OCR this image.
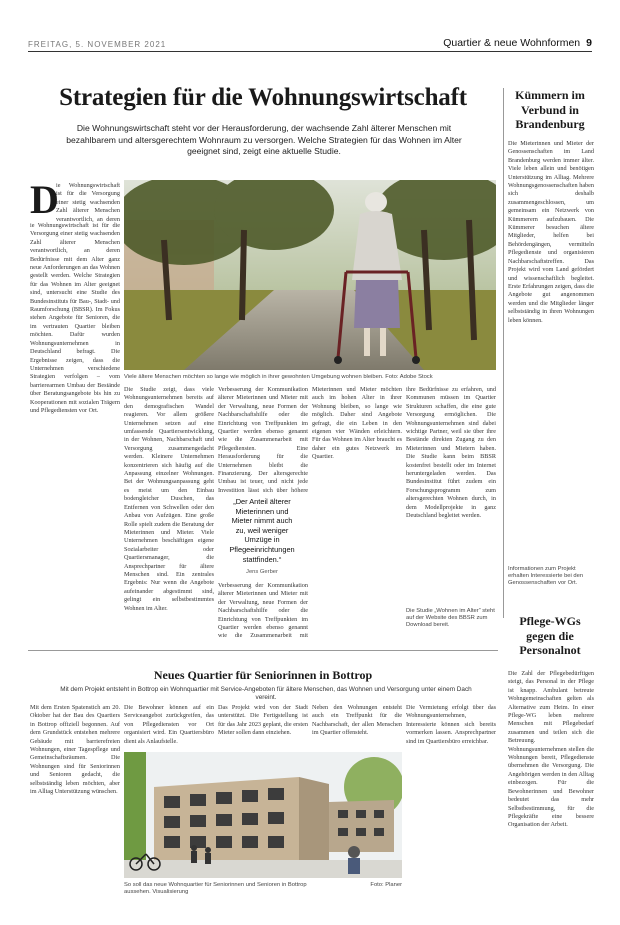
FREITAG, 5. NOVEMBER 2021	Quartier & neue Wohnformen 9
Strategien für die Wohnungswirtschaft

Die Wohnungswirtschaft steht vor der Herausforderung, der wachsende Zahl älterer Menschen mit bezahlbarem und altersgerechtem Wohnraum zu versorgen. Welche Strategien für das Wohnen im Alter geeignet sind, zeigt eine aktuelle Studie.

D
ie Wohnungswirtschaft ist für die Versorgung einer stetig wachsenden Zahl älterer Menschen verantwortlich, an deren
ie Wohnungswirtschaft ist für die Versorgung einer stetig wachsenden Zahl älterer Menschen verantwortlich, an deren Bedürfnisse mit dem Alter ganz neue Anforderungen an das Wohnen gestellt werden. Welche Strategien für das Wohnen im Alter geeignet sind, untersucht eine Studie des Bundesinstituts für Bau-, Stadt- und Raumforschung (BBSR). Im Fokus stehen Angebote für Senioren, die im vertrauten Quartier bleiben möchten. Dafür wurden Wohnungsunternehmen in Deutschland befragt. Die Ergebnisse zeigen, dass die Unternehmen verschiedene Strategien verfolgen – vom barrierearmen Umbau der Bestände über Beratungsangebote bis hin zu Kooperationen mit sozialen Trägern und Pflegediensten vor Ort.

Viele ältere Menschen möchten so lange wie möglich in ihrer gewohnten Umgebung wohnen bleiben. Foto: Adobe Stock

Die Studie zeigt, dass viele Wohnungsunternehmen bereits auf den demografischen Wandel reagieren. Vor allem größere Unternehmen setzen auf eine umfassende Quartiersentwicklung, in der Wohnen, Nachbarschaft und Versorgung zusammengedacht werden. Kleinere Unternehmen konzentrieren sich häufig auf die Anpassung einzelner Wohnungen. Bei der Wohnungsanpassung geht es meist um den Einbau bodengleicher Duschen, das Entfernen von Schwellen oder den Anbau von Aufzügen. Eine große Rolle spielt zudem die Beratung der Mieterinnen und Mieter. Viele Unternehmen beschäftigen eigene Sozialarbeiter oder Quartiersmanager, die Ansprechpartner für ältere Menschen sind. Ein zentrales Ergebnis: Nur wenn die Angebote aufeinander abgestimmt sind, gelingt ein selbstbestimmtes Wohnen im Alter.
Verbesserung der Kommunikation älterer Mieterinnen und Mieter mit der Verwaltung, neue Formen der Nachbarschaftshilfe oder die Einrichtung von Treffpunkten im Quartier werden ebenso genannt wie die Zusammenarbeit mit Pflegediensten. Eine Herausforderung für die Unternehmen bleibt die Finanzierung. Der altersgerechte Umbau ist teuer, und nicht jede Investition lässt sich über höhere
„Der Anteil älterer Mieterinnen und Mieter nimmt auch zu, weil weniger Umzüge in Pflegeeinrichtungen stattfinden.“
Jens Gerber
Verbesserung der Kommunikation älterer Mieterinnen und Mieter mit der Verwaltung, neue Formen der Nachbarschaftshilfe oder die Einrichtung von Treffpunkten im Quartier werden ebenso genannt wie die Zusammenarbeit mit
Mieterinnen und Mieter möchten auch im hohen Alter in ihrer Wohnung bleiben, so lange wie möglich. Daher sind Angebote gefragt, die ein Leben in den eigenen vier Wänden erleichtern. Für das Wohnen im Alter braucht es daher ein gutes Netzwerk im Quartier.
ihre Bedürfnisse zu erfahren, und Kommunen müssen im Quartier Strukturen schaffen, die eine gute Versorgung ermöglichen. Die Wohnungsunternehmen sind dabei wichtige Partner, weil sie über ihre Bestände direkten Zugang zu den Mieterinnen und Mietern haben. Die Studie kann beim BBSR kostenfrei bestellt oder im Internet heruntergeladen werden. Das Bundesinstitut führt zudem ein Forschungsprogramm zum altersgerechten Wohnen durch, in dem Modellprojekte in ganz Deutschland begleitet werden.

Die Studie „Wohnen im Alter“ steht auf der Website des BBSR zum Download bereit.

Kümmern im Verbund in Brandenburg
Die Mieterinnen und Mieter der Genossenschaften im Land Brandenburg werden immer älter. Viele leben allein und benötigen Unterstützung im Alltag. Mehrere Wohnungsgenossenschaften haben sich deshalb zusammengeschlossen, um gemeinsam ein Netzwerk von Kümmerern aufzubauen. Die Kümmerer besuchen ältere Mitglieder, helfen bei Behördengängen, vermitteln Pflegedienste und organisieren Nachbarschaftstreffen. Das Projekt wird vom Land gefördert und wissenschaftlich begleitet. Erste Erfahrungen zeigen, dass die Angebote gut angenommen werden und die Mitglieder länger selbstständig in ihren Wohnungen leben können.

Informationen zum Projekt erhalten Interessierte bei den Genossenschaften vor Ort.

Pflege-WGs gegen die Personalnot
Die Zahl der Pflegebedürftigen steigt, das Personal in der Pflege ist knapp. Ambulant betreute Wohngemeinschaften gelten als Alternative zum Heim. In einer Pflege-WG leben mehrere Menschen mit Pflegebedarf zusammen und teilen sich die Betreuung. Wohnungsunternehmen stellen die Wohnungen bereit, Pflegedienste übernehmen die Versorgung. Die Angehörigen werden in den Alltag einbezogen. Für die Bewohnerinnen und Bewohner bedeutet das mehr Selbstbestimmung, für die Pflegekräfte eine bessere Organisation der Arbeit.
Neues Quartier für Seniorinnen in Bottrop

Mit dem Projekt entsteht in Bottrop ein Wohnquartier mit Service-Angeboten für ältere Menschen, das Wohnen und Versorgung unter einem Dach vereint.

Mit dem Ersten Spatenstich am 20. Oktober hat der Bau des Quartiers in Bottrop offiziell begonnen. Auf dem Grundstück entstehen mehrere Gebäude mit barrierefreien Wohnungen, einer Tagespflege und Gemeinschaftsräumen. Die Wohnungen sind für Seniorinnen und Senioren gedacht, die selbstständig leben möchten, aber im Alltag Unterstützung wünschen.
Die Bewohner können auf ein Serviceangebot zurückgreifen, das von Pflegediensten vor Ort organisiert wird. Ein Quartiersbüro dient als Anlaufstelle.
Das Projekt wird von der Stadt unterstützt. Die Fertigstellung ist für das Jahr 2023 geplant, die ersten Mieter sollen dann einziehen.
Neben den Wohnungen entsteht auch ein Treffpunkt für die Nachbarschaft, der allen Menschen im Quartier offensteht.
Die Vermietung erfolgt über das Wohnungsunternehmen, Interessierte können sich bereits vormerken lassen. Ansprechpartner sind im Quartiersbüro erreichbar.

So soll das neue Wohnquartier für Seniorinnen und Senioren in Bottrop aussehen. Visualisierung

Foto: Planer
